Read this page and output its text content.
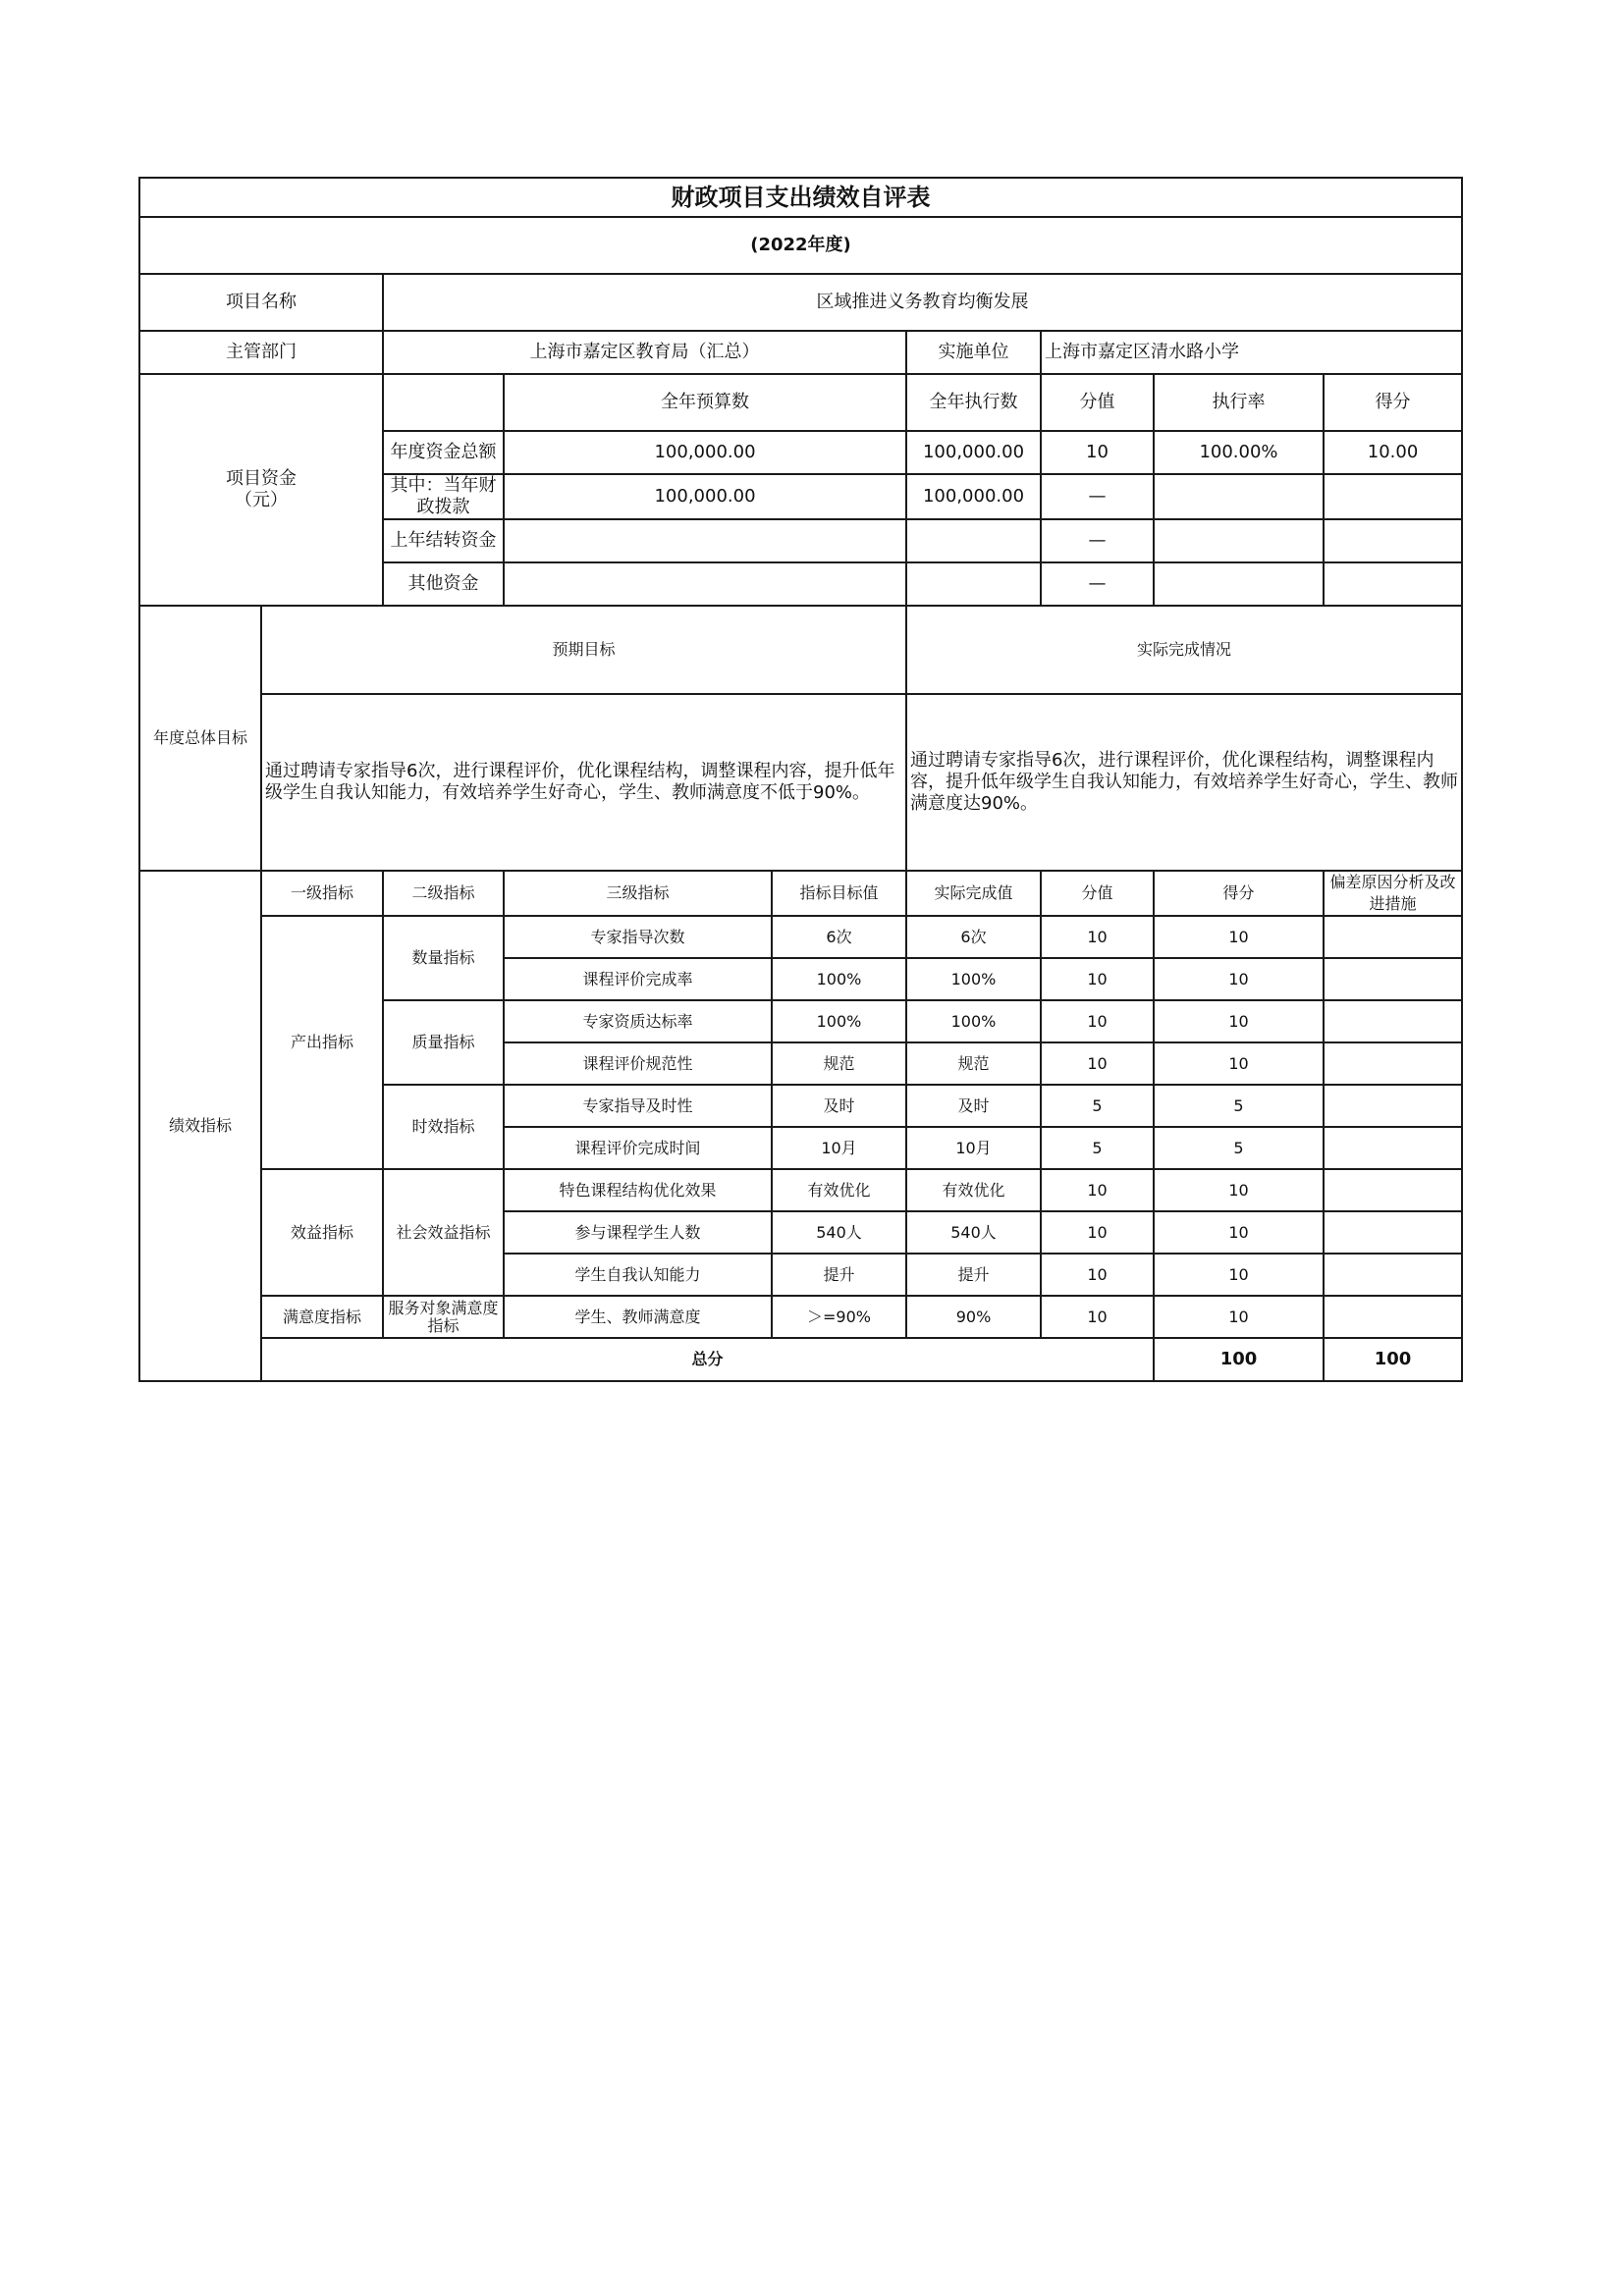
财政项目支出绩效自评表									
(2022年度)									
项目名称		区域推进义务教育均衡发展							
主管部门		上海市嘉定区教育局（汇总）			实施单位	上海市嘉定区清水路小学			
项目资金
（元）			全年预算数		全年执行数	分值	执行率	得分	
		年度资金总额	100,000.00		100,000.00	10	100.00%	10.00	
		其中：当年财政拨款	100,000.00		100,000.00	—			
		上年结转资金				—			
		其他资金				—			
年度总体目标	预期目标				实际完成情况				
	通过聘请专家指导6次，进行课程评价，优化课程结构，调整课程内容，提升低年级学生自我认知能力，有效培养学生好奇心，学生、教师满意度不低于90%。				通过聘请专家指导6次，进行课程评价，优化课程结构，调整课程内容，提升低年级学生自我认知能力，有效培养学生好奇心，学生、教师满意度达90%。				
绩效指标	一级指标	二级指标	三级指标	指标目标值	实际完成值	分值	得分	偏差原因分析及改进措施	
	产出指标	数量指标	专家指导次数	6次	6次	10	10		
			课程评价完成率	100%	100%	10	10		
		质量指标	专家资质达标率	100%	100%	10	10		
			课程评价规范性	规范	规范	10	10		
		时效指标	专家指导及时性	及时	及时	5	5		
			课程评价完成时间	10月	10月	5	5		
	效益指标	社会效益指标	特色课程结构优化效果	有效优化	有效优化	10	10		
			参与课程学生人数	540人	540人	10	10		
			学生自我认知能力	提升	提升	10	10		
	满意度指标	服务对象满意度指标	学生、教师满意度	＞=90%	90%	10	10		
	总分						100	100	
